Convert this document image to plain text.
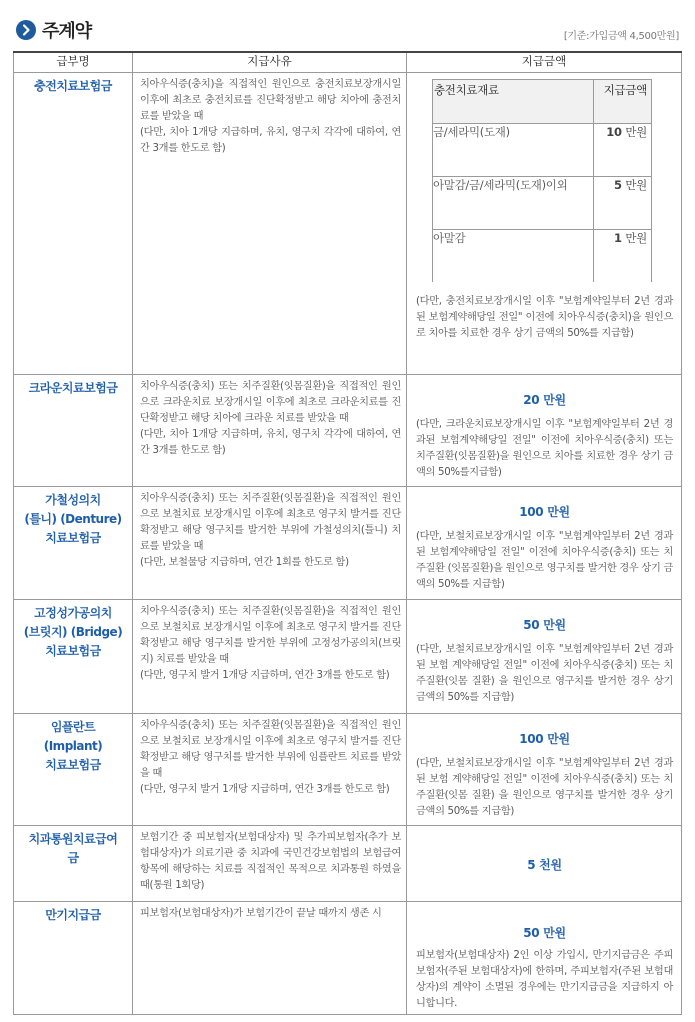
주계약	[기준:가입금액 4,500만원]
급부명	지급사유	지급금액

충전치료보험금	치아우식증(충치)을 직접적인 원인으로 충전치료보장개시일 이후에 최초로 충전치료를 진단확정받고 해당 치아에 충전치료를 받았을 때
(다만, 치아 1개당 지급하며, 유치, 영구치 각각에 대하여, 연간 3개를 한도로 함)	
충전치료재료	지급금액
금/세라믹(도재)	10 만원
아말감/금/세라믹(도재)이외	5 만원
아말감	1 만원
(다만, 충전치료보장개시일 이후 "보험계약일부터 2년 경과된 보험계약해당일 전일" 이전에 치아우식증(충치)을 원인으로 치아를 치료한 경우 상기 금액의 50%를 지급함)

크라운치료보험금	치아우식증(충치) 또는 치주질환(잇몸질환)을 직접적인 원인으로 크라운치료 보장개시일 이후에 최초로 크라운치료를 진단확정받고 해당 치아에 크라운 치료를 받았을 때
(다만, 치아 1개당 지급하며, 유치, 영구치 각각에 대하여, 연간 3개를 한도로 함)	
20 만원
(다만, 크라운치료보장개시일 이후 "보험계약일부터 2년 경과된 보험계약해당일 전일" 이전에 치아우식증(충치) 또는 치주질환(잇몸질환)을 원인으로 치아를 치료한 경우 상기 금액의 50%를지급함)

가철성의치
(틀니) (Denture)
치료보험금
	치아우식증(충치) 또는 치주질환(잇몸질환)을 직접적인 원인으로 보철치료 보장개시일 이후에 최초로 영구치 발거를 진단 확정받고 해당 영구치를 발거한 부위에 가철성의치(틀니) 치료를 받았을 때
(다만, 보철물당 지급하며, 연간 1회를 한도로 함)	
100 만원
(다만, 보철치료보장개시일 이후 "보험계약일부터 2년 경과된 보험계약해당일 전일" 이전에 치아우식증(충치) 또는 치주질환 (잇몸질환)을 원인으로 영구치를 발거한 경우 상기 금액의 50%를 지급함)

고정성가공의치
(브릿지) (Bridge)
치료보험금
	치아우식증(충치) 또는 치주질환(잇몸질환)을 직접적인 원인으로 보철치료 보장개시일 이후에 최초로 영구치 발거를 진단 확정받고 해당 영구치를 발거한 부위에 고정성가공의치(브릿지) 치료를 받았을 때
(다만, 영구치 발거 1개당 지급하며, 연간 3개를 한도로 함)	
50 만원
(다만, 보철치료보장개시일 이후 "보험계약일부터 2년 경과된 보험 계약해당일 전일" 이전에 치아우식증(충치) 또는 치주질환(잇몸 질환) 을 원인으로 영구치를 발거한 경우 상기 금액의 50%를 지급함)

임플란트
(Implant)
치료보험금
	치아우식증(충치) 또는 치주질환(잇몸질환)을 직접적인 원인으로 보철치료 보장개시일 이후에 최초로 영구치 발거를 진단 확정받고 해당 영구치를 발거한 부위에 임플란트 치료를 받았을 때
(다만, 영구치 발거 1개당 지급하며, 연간 3개를 한도로 함)	
100 만원
(다만, 보철치료보장개시일 이후 "보험계약일부터 2년 경과된 보험 계약해당일 전일" 이전에 치아우식증(충치) 또는 치주질환(잇몸 질환) 을 원인으로 영구치를 발거한 경우 상기 금액의 50%를 지급함)

치과통원치료급여
금
	보험기간 중 피보험자(보험대상자) 및 추가피보험자(추가 보험대상자)가 의료기관 중 치과에 국민건강보험법의 보험급여항목에 해당하는 치료를 직접적인 목적으로 치과통원 하였을 때(통원 1회당)	
5 천원

만기지급금	피보험자(보험대상자)가 보험기간이 끝날 때까지 생존 시	
50 만원
피보험자(보험대상자) 2인 이상 가입시, 만기지급금은 주피보험자(주된 보험대상자)에 한하며, 주피보험자(주된 보험대상자)의 계약이 소멸된 경우에는 만기지급금을 지급하지 아니합니다.
